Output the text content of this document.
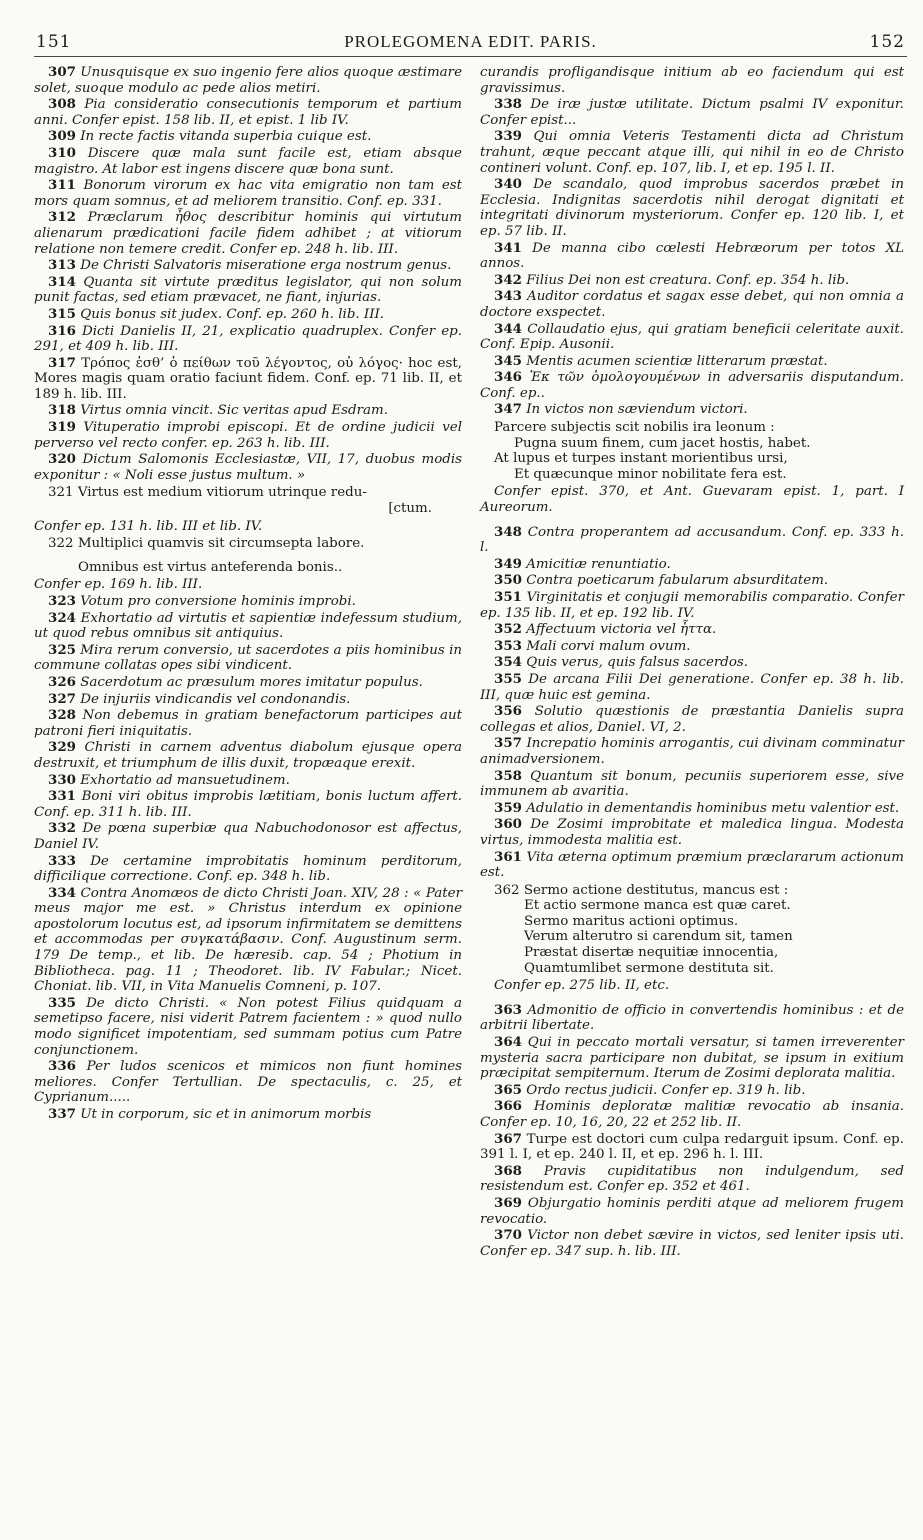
151	PROLEGOMENA EDIT. PARIS.	152

307 Unusquisque ex suo ingenio fere alios quoque æstimare solet, suoque modulo ac pede alios metiri.

308 Pia consideratio consecutionis temporum et partium anni. Confer epist. 158 lib. II, et epist. 1 lib IV.

309 In recte factis vitanda superbia cuique est.

310 Discere quæ mala sunt facile est, etiam absque magistro. At labor est ingens discere quæ bona sunt.

311 Bonorum virorum ex hac vita emigratio non tam est mors quam somnus, et ad meliorem transitio. Conf. ep. 331.

312 Præclarum ἦθος describitur hominis qui virtutum alienarum prædicationi facile fidem adhibet ; at vitiorum relatione non temere credit. Confer ep. 248 h. lib. III.

313 De Christi Salvatoris miseratione erga nostrum genus.

314 Quanta sit virtute præditus legislator, qui non solum punit factas, sed etiam prævacet, ne fiant, injurias.

315 Quis bonus sit judex. Conf. ep. 260 h. lib. III.

316 Dicti Danielis II, 21, explicatio quadruplex. Confer ep. 291, et 409 h. lib. III.

317 Τρόπος ἐσθ’ ὁ πείθων τοῦ λέγοντος, οὐ λόγος· hoc est, Mores magis quam oratio faciunt fidem. Conf. ep. 71 lib. II, et 189 h. lib. III.

318 Virtus omnia vincit. Sic veritas apud Esdram.

319 Vituperatio improbi episcopi. Et de ordine judicii vel perverso vel recto confer. ep. 263 h. lib. III.

320 Dictum Salomonis Ecclesiastæ, VII, 17, duobus modis exponitur : « Noli esse justus multum. »

321 Virtus est medium vitiorum utrinque redu-
[ctum.

Confer ep. 131 h. lib. III et lib. IV.

322 Multiplici quamvis sit circumsepta labore.
Omnibus est virtus anteferenda bonis..

Confer ep. 169 h. lib. III.

323 Votum pro conversione hominis improbi.

324 Exhortatio ad virtutis et sapientiæ indefessum studium, ut quod rebus omnibus sit antiquius.

325 Mira rerum conversio, ut sacerdotes a piis hominibus in commune collatas opes sibi vindicent.

326 Sacerdotum ac præsulum mores imitatur populus.

327 De injuriis vindicandis vel condonandis.

328 Non debemus in gratiam benefactorum participes aut patroni fieri iniquitatis.

329 Christi in carnem adventus diabolum ejusque opera destruxit, et triumphum de illis duxit, tropæaque erexit.

330 Exhortatio ad mansuetudinem.

331 Boni viri obitus improbis lætitiam, bonis luctum affert. Conf. ep. 311 h. lib. III.

332 De pœna superbiæ qua Nabuchodonosor est affectus, Daniel IV.

333 De certamine improbitatis hominum perditorum, difficilique correctione. Conf. ep. 348 h. lib.

334 Contra Anomæos de dicto Christi Joan. XIV, 28 : « Pater meus major me est. » Christus interdum ex opinione apostolorum locutus est, ad ipsorum infirmitatem se demittens et accommodas per συγκατάβασιν. Conf. Augustinum serm. 179 De temp., et lib. De hæresib. cap. 54 ; Photium in Bibliotheca. pag. 11 ; Theodoret. lib. IV Fabular.; Nicet. Choniat. lib. VII, in Vita Manuelis Comneni, p. 107.

335 De dicto Christi. « Non potest Filius quidquam a semetipso facere, nisi viderit Patrem facientem : » quod nullo modo significet impotentiam, sed summam potius cum Patre conjunctionem.

336 Per ludos scenicos et mimicos non fiunt homines meliores. Confer Tertullian. De spectaculis, c. 25, et Cyprianum.....

337 Ut in corporum, sic et in animorum morbis

curandis profligandisque initium ab eo faciendum qui est gravissimus.

338 De iræ justæ utilitate. Dictum psalmi IV exponitur. Confer epist...

339 Qui omnia Veteris Testamenti dicta ad Christum trahunt, æque peccant atque illi, qui nihil in eo de Christo contineri volunt. Conf. ep. 107, lib. I, et ep. 195 l. II.

340 De scandalo, quod improbus sacerdos præbet in Ecclesia. Indignitas sacerdotis nihil derogat dignitati et integritati divinorum mysteriorum. Confer ep. 120 lib. I, et ep. 57 lib. II.

341 De manna cibo cœlesti Hebræorum per totos XL annos.

342 Filius Dei non est creatura. Conf. ep. 354 h. lib.

343 Auditor cordatus et sagax esse debet, qui non omnia a doctore exspectet.

344 Collaudatio ejus, qui gratiam beneficii celeritate auxit. Conf. Epip. Ausonii.

345 Mentis acumen scientiæ litterarum præstat.

346 Ἐκ τῶν ὁμολογουμένων in adversariis disputandum. Conf. ep..

347 In victos non sæviendum victori.

Parcere subjectis scit nobilis ira leonum :
Pugna suum finem, cum jacet hostis, habet.
At lupus et turpes instant morientibus ursi,
Et quæcunque minor nobilitate fera est.

Confer epist. 370, et Ant. Guevaram epist. 1, part. I Aureorum.

348 Contra properantem ad accusandum. Conf. ep. 333 h. l.

349 Amicitiæ renuntiatio.

350 Contra poeticarum fabularum absurditatem.

351 Virginitatis et conjugii memorabilis comparatio. Confer ep. 135 lib. II, et ep. 192 lib. IV.

352 Affectuum victoria vel ἧττα.

353 Mali corvi malum ovum.

354 Quis verus, quis falsus sacerdos.

355 De arcana Filii Dei generatione. Confer ep. 38 h. lib. III, quæ huic est gemina.

356 Solutio quæstionis de præstantia Danielis supra collegas et alios, Daniel. VI, 2.

357 Increpatio hominis arrogantis, cui divinam comminatur animadversionem.

358 Quantum sit bonum, pecuniis superiorem esse, sive immunem ab avaritia.

359 Adulatio in dementandis hominibus metu valentior est.

360 De Zosimi improbitate et maledica lingua. Modesta virtus, immodesta malitia est.

361 Vita æterna optimum præmium præclararum actionum est.

362 Sermo actione destitutus, mancus est :
Et actio sermone manca est quæ caret.
Sermo maritus actioni optimus.
Verum alterutro si carendum sit, tamen
Præstat disertæ nequitiæ innocentia,
Quamtumlibet sermone destituta sit.

Confer ep. 275 lib. II, etc.

363 Admonitio de officio in convertendis hominibus : et de arbitrii libertate.

364 Qui in peccato mortali versatur, si tamen irreverenter mysteria sacra participare non dubitat, se ipsum in exitium præcipitat sempiternum. Iterum de Zosimi deplorata malitia.

365 Ordo rectus judicii. Confer ep. 319 h. lib.

366 Hominis deploratæ malitiæ revocatio ab insania. Confer ep. 10, 16, 20, 22 et 252 lib. II.

367 Turpe est doctori cum culpa redarguit ipsum. Conf. ep. 391 l. I, et ep. 240 l. II, et ep. 296 h. l. III.

368 Pravis cupiditatibus non indulgendum, sed resistendum est. Confer ep. 352 et 461.

369 Objurgatio hominis perditi atque ad meliorem frugem revocatio.

370 Victor non debet sævire in victos, sed leniter ipsis uti. Confer ep. 347 sup. h. lib. III.
